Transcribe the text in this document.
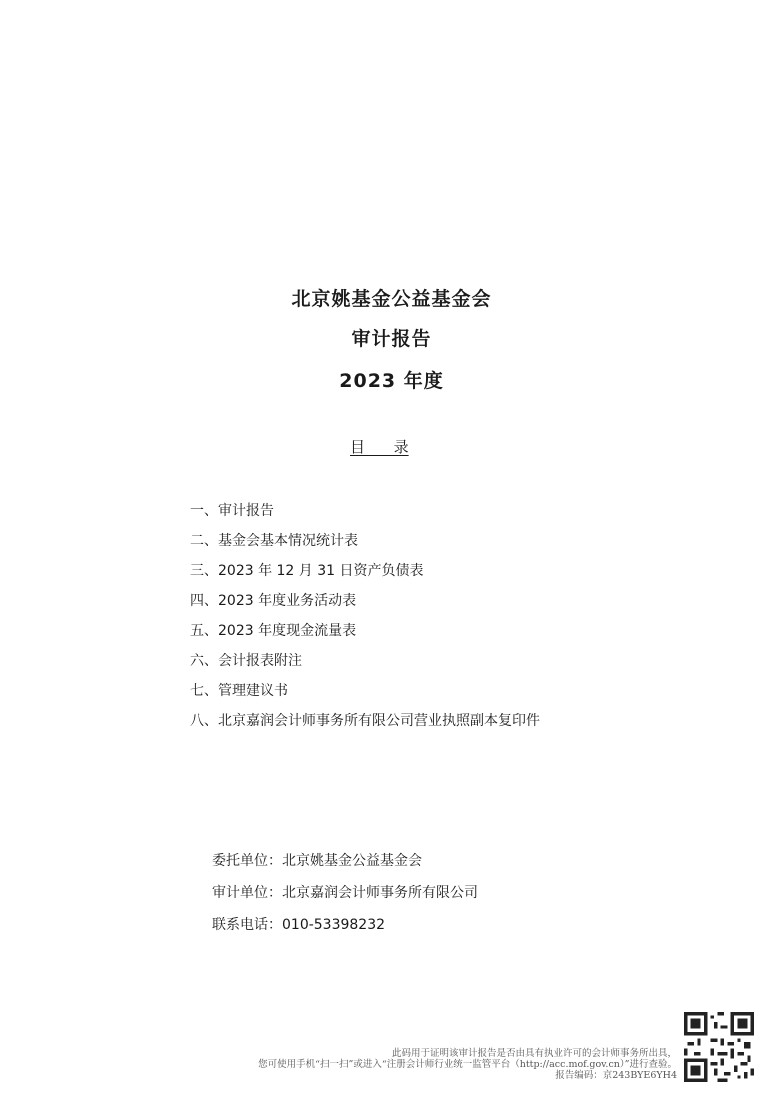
北京姚基金公益基金会
审计报告
2023 年度
目      录
一、审计报告
二、基金会基本情况统计表
三、2023 年 12 月 31 日资产负债表
四、2023 年度业务活动表
五、2023 年度现金流量表
六、会计报表附注
七、管理建议书
八、北京嘉润会计师事务所有限公司营业执照副本复印件
委托单位：北京姚基金公益基金会
审计单位：北京嘉润会计师事务所有限公司
联系电话：010-53398232
此码用于证明该审计报告是否由具有执业许可的会计师事务所出具，
您可使用手机“扫一扫”或进入“注册会计师行业统一监管平台（http://acc.mof.gov.cn）”进行查验。
报告编码：京243BYE6YH4
